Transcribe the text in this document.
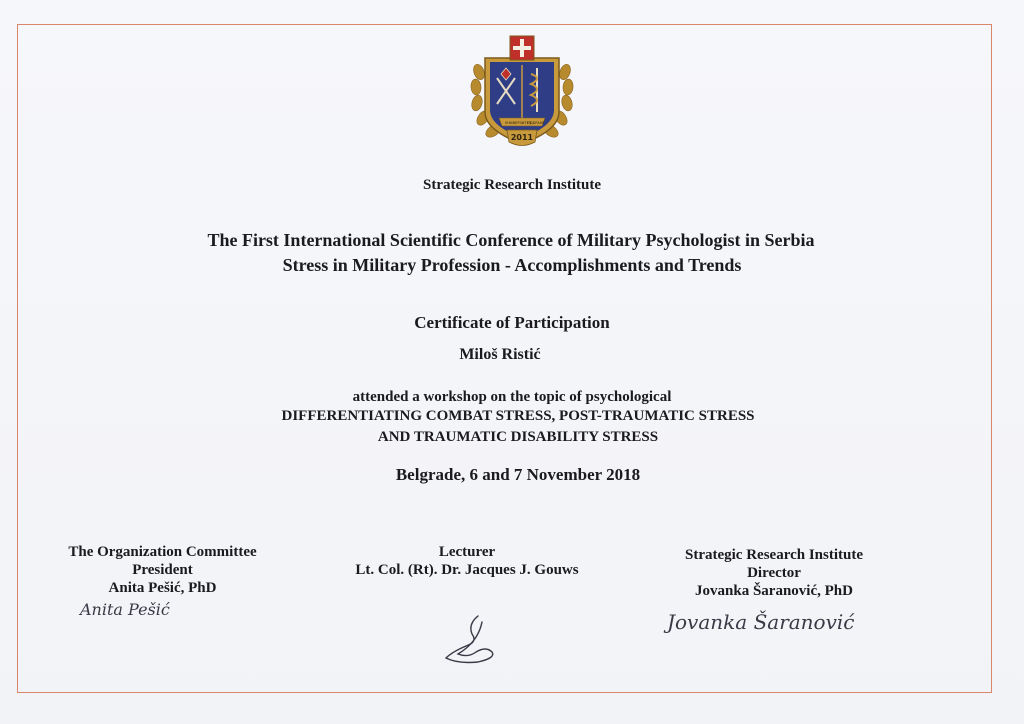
УНИВЕРЗИТЕТ
ОДБРАНЕ
2011
Strategic Research Institute
The First International Scientific Conference of Military Psychologist in Serbia
Stress in Military Profession - Accomplishments and Trends
Certificate of Participation
Miloš Ristić
attended a workshop on the topic of psychological
DIFFERENTIATING COMBAT STRESS, POST-TRAUMATIC STRESS
AND TRAUMATIC DISABILITY STRESS
Belgrade, 6 and 7 November 2018
The Organization Committee
President
Anita Pešić, PhD
Lecturer
Lt. Col. (Rt). Dr. Jacques J. Gouws
Strategic Research Institute
Director
Jovanka Šaranović, PhD
Anita Pešić
Jovanka Šaranović
